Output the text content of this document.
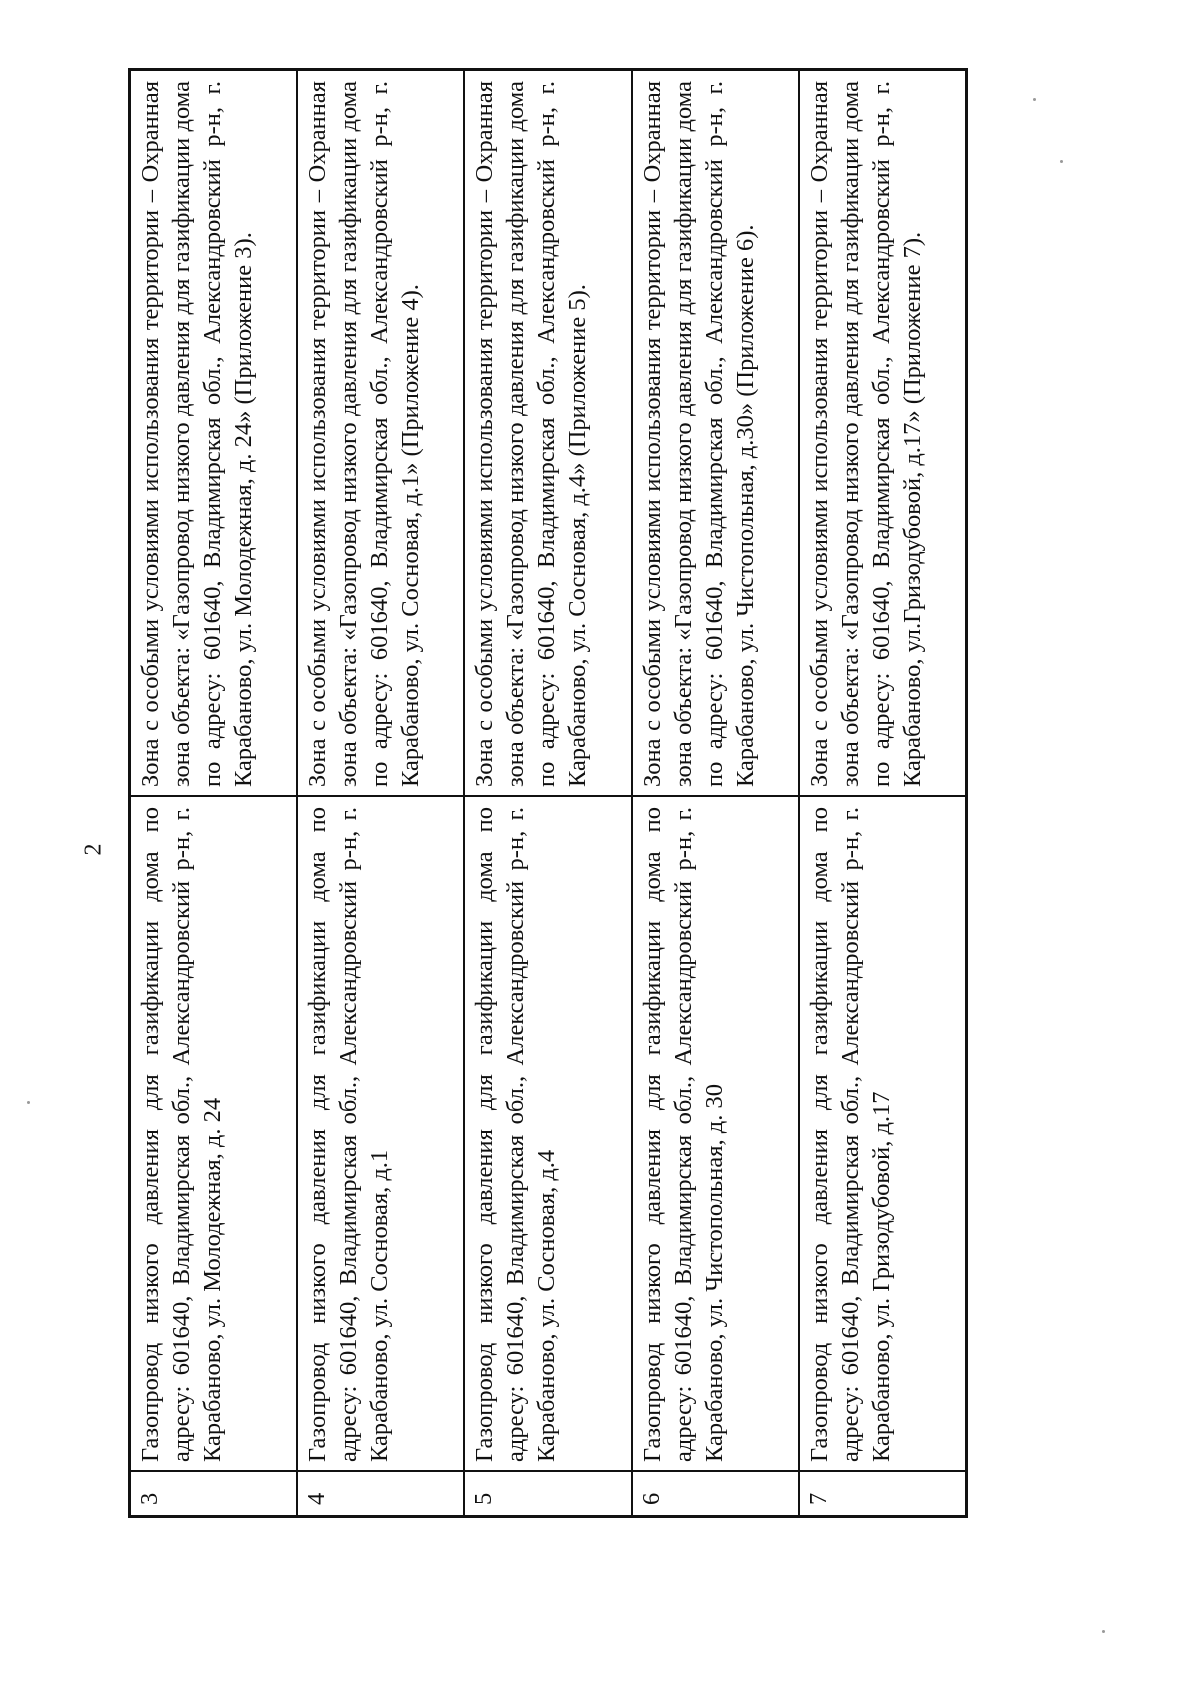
2
3
Газопровод низкого давления для газификации дома по адресу: 601640, Владимирская обл., Александровский р-н, г. Карабаново, ул. Молодежная, д. 24
Зона с особыми условиями использования территории – Охранная зона объекта: «Газопровод низкого давления для газификации дома по адресу: 601640, Владимирская обл., Александровский р-н, г. Карабаново, ул. Молодежная, д. 24» (Приложение 3).
4
Газопровод низкого давления для газификации дома по адресу: 601640, Владимирская обл., Александровский р-н, г. Карабаново, ул. Сосновая, д.1
Зона с особыми условиями использования территории – Охранная зона объекта: «Газопровод низкого давления для газификации дома по адресу: 601640, Владимирская обл., Александровский р-н, г. Карабаново, ул. Сосновая, д.1» (Приложение 4).
5
Газопровод низкого давления для газификации дома по адресу: 601640, Владимирская обл., Александровский р-н, г. Карабаново, ул. Сосновая, д.4
Зона с особыми условиями использования территории – Охранная зона объекта: «Газопровод низкого давления для газификации дома по адресу: 601640, Владимирская обл., Александровский р-н, г. Карабаново, ул. Сосновая, д.4» (Приложение 5).
6
Газопровод низкого давления для газификации дома по адресу: 601640, Владимирская обл., Александровский р-н, г. Карабаново, ул. Чистопольная, д. 30
Зона с особыми условиями использования территории – Охранная зона объекта: «Газопровод низкого давления для газификации дома по адресу: 601640, Владимирская обл., Александровский р-н, г. Карабаново, ул. Чистопольная, д.30» (Приложение 6).
7
Газопровод низкого давления для газификации дома по адресу: 601640, Владимирская обл., Александровский р-н, г. Карабаново, ул. Гризодубовой, д.17
Зона с особыми условиями использования территории – Охранная зона объекта: «Газопровод низкого давления для газификации дома по адресу: 601640, Владимирская обл., Александровский р-н, г. Карабаново, ул.Гризодубовой, д.17» (Приложение 7).
